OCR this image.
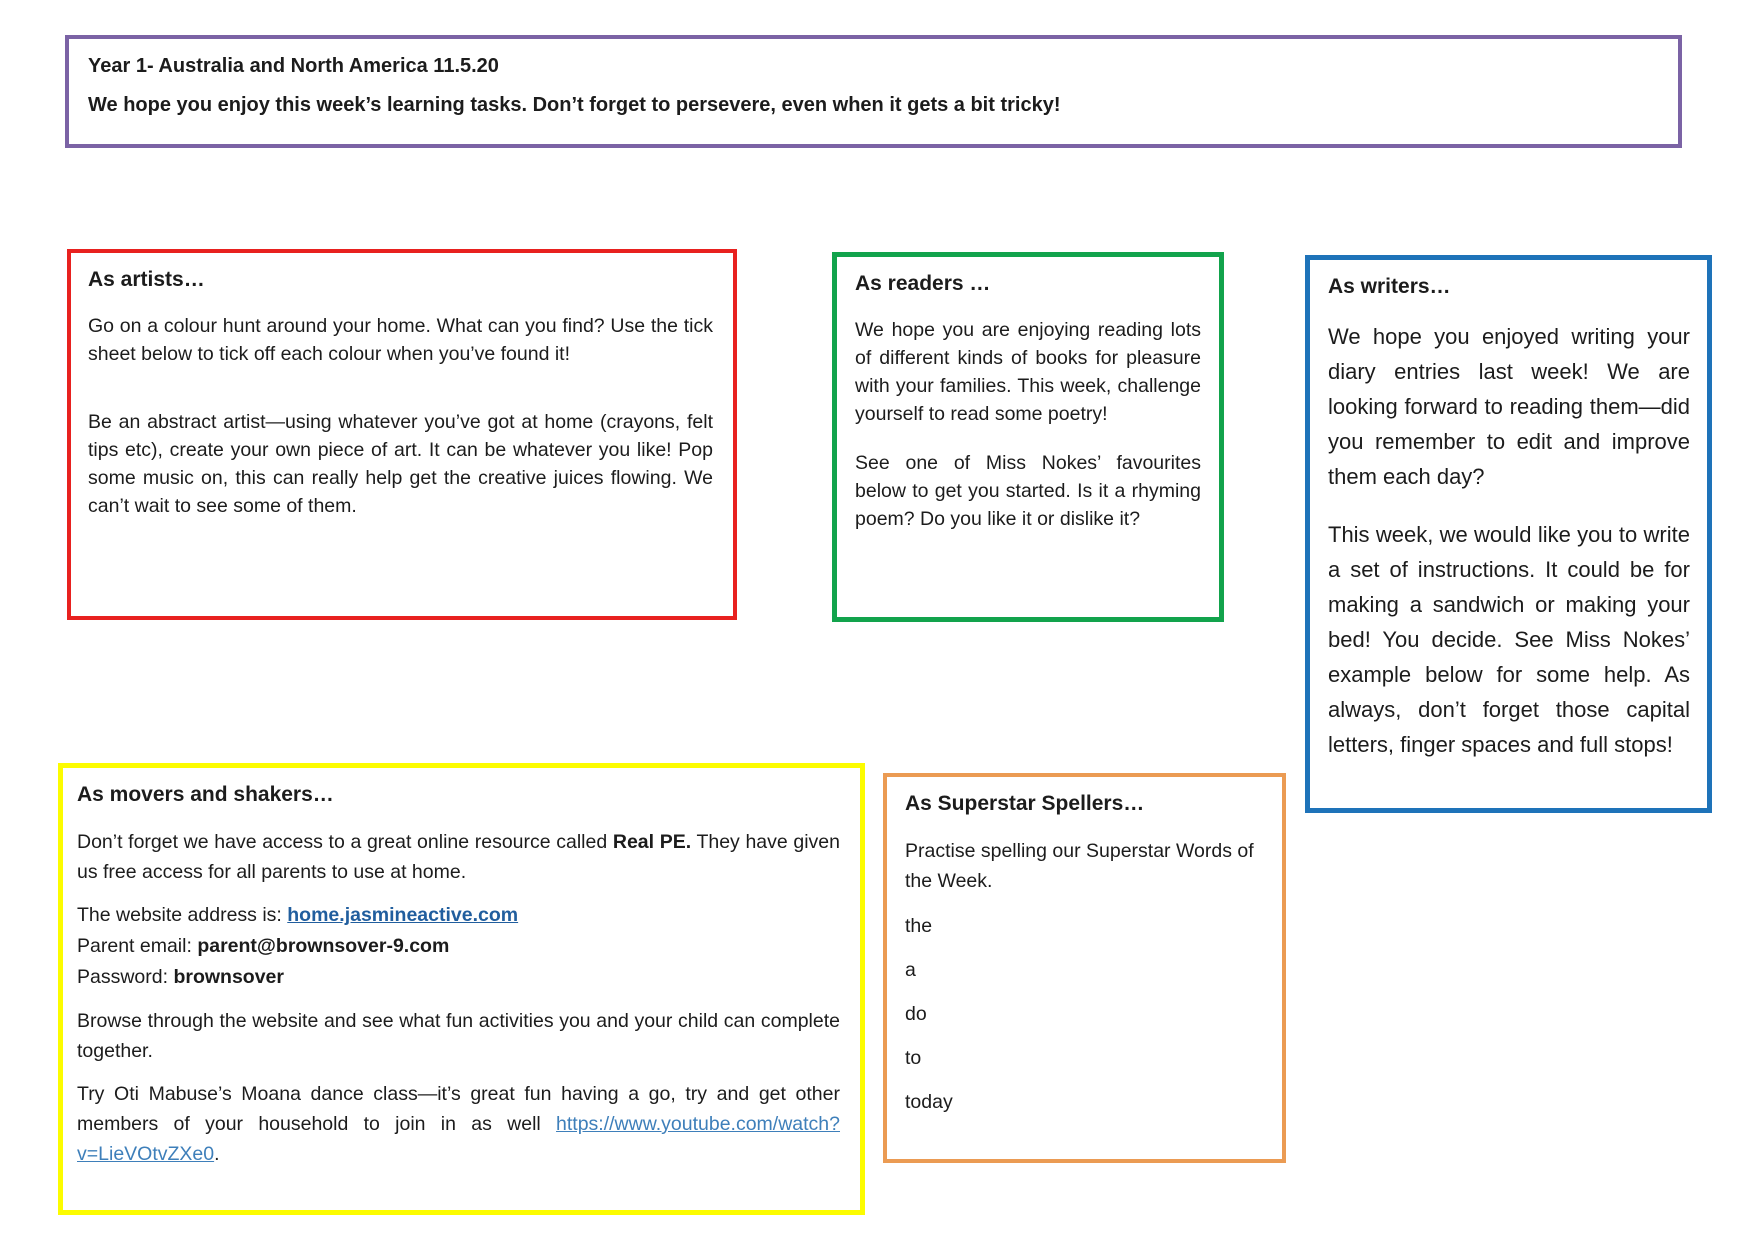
Year 1- Australia and North America 11.5.20

We hope you enjoy this week’s learning tasks. Don’t forget to persevere, even when it gets a bit tricky!

As artists…

Go on a colour hunt around your home. What can you find? Use the tick sheet below to tick off each colour when you’ve found it!

Be an abstract artist—using whatever you’ve got at home (crayons, felt tips etc), create your own piece of art. It can be whatever you like! Pop some music on, this can really help get the creative juices flowing. We can’t wait to see some of them.

As readers …

We hope you are enjoying reading lots of different kinds of books for pleasure with your families. This week, challenge yourself to read some poetry!

See one of Miss Nokes’ favourites below to get you started. Is it a rhyming poem? Do you like it or dislike it?

As writers…

We hope you enjoyed writing your diary entries last week! We are looking forward to reading them—did you remember to edit and improve them each day?

This week, we would like you to write a set of instructions. It could be for making a sandwich or making your bed! You decide. See Miss Nokes’ example below for some help. As always, don’t forget those capital letters, finger spaces and full stops!

As movers and shakers…

Don’t forget we have access to a great online resource called Real PE. They have given us free access for all parents to use at home.

The website address is: home.jasmineactive.com

Parent email: parent@brownsover-9.com

Password: brownsover

Browse through the website and see what fun activities you and your child can complete together.

Try Oti Mabuse’s Moana dance class—it’s great fun having a go, try and get other members of your household to join in as well https://www.youtube.com/watch?v=LieVOtvZXe0.

As Superstar Spellers…

Practise spelling our Superstar Words of the Week.

the

a

do

to

today
